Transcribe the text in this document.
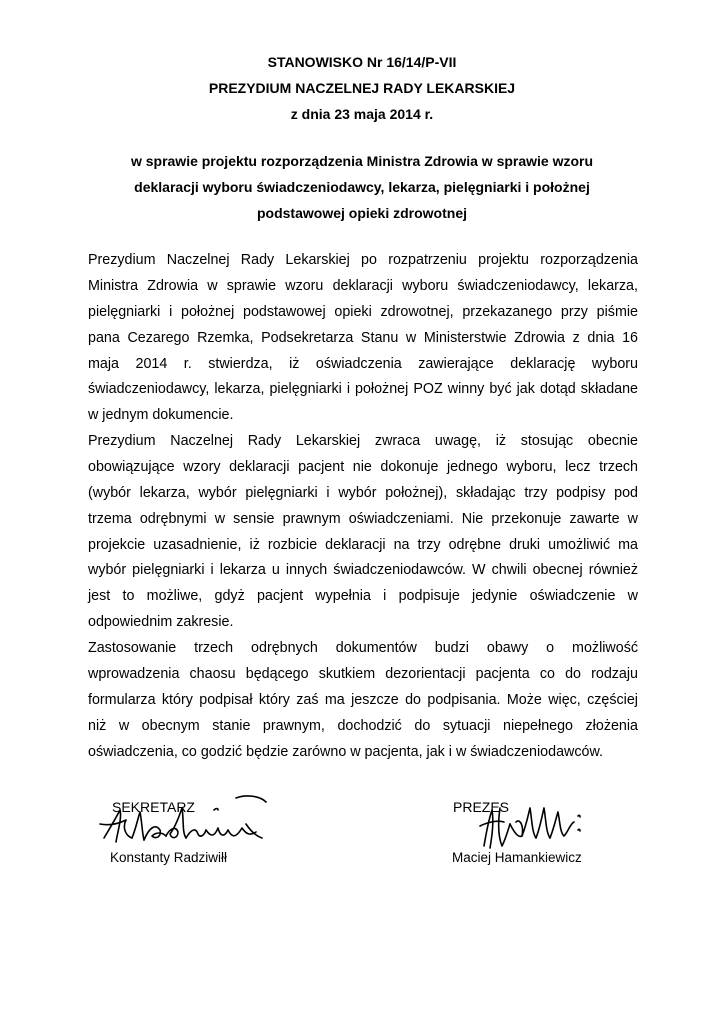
STANOWISKO Nr 16/14/P-VII
PREZYDIUM NACZELNEJ RADY LEKARSKIEJ
z dnia 23 maja 2014 r.
w sprawie projektu rozporządzenia Ministra Zdrowia w sprawie wzoru
deklaracji wyboru świadczeniodawcy, lekarza, pielęgniarki i położnej
podstawowej opieki zdrowotnej
Prezydium Naczelnej Rady Lekarskiej po rozpatrzeniu projektu rozporządzenia
Ministra Zdrowia w sprawie wzoru deklaracji wyboru świadczeniodawcy, lekarza,
pielęgniarki i położnej podstawowej opieki zdrowotnej, przekazanego przy piśmie
pana Cezarego Rzemka, Podsekretarza Stanu w Ministerstwie Zdrowia z dnia 16
maja 2014 r. stwierdza, iż oświadczenia zawierające deklarację wyboru
świadczeniodawcy, lekarza, pielęgniarki i położnej POZ winny być jak dotąd składane
w jednym dokumencie.
Prezydium Naczelnej Rady Lekarskiej zwraca uwagę, iż stosując obecnie
obowiązujące wzory deklaracji pacjent nie dokonuje jednego wyboru, lecz trzech
(wybór lekarza, wybór pielęgniarki i wybór położnej), składając trzy podpisy pod
trzema odrębnymi w sensie prawnym oświadczeniami. Nie przekonuje zawarte w
projekcie uzasadnienie, iż rozbicie deklaracji na trzy odrębne druki umożliwić ma
wybór pielęgniarki i lekarza u innych świadczeniodawców. W chwili obecnej również
jest to możliwe, gdyż pacjent wypełnia i podpisuje jedynie oświadczenie w
odpowiednim zakresie.
Zastosowanie trzech odrębnych dokumentów budzi obawy o możliwość
wprowadzenia chaosu będącego skutkiem dezorientacji pacjenta co do rodzaju
formularza który podpisał który zaś ma jeszcze do podpisania. Może więc, częściej
niż w obecnym stanie prawnym, dochodzić do sytuacji niepełnego złożenia
oświadczenia, co godzić będzie zarówno w pacjenta, jak i w świadczeniodawców.
SEKRETARZ
Konstanty Radziwiłł
PREZES
Maciej Hamankiewicz
